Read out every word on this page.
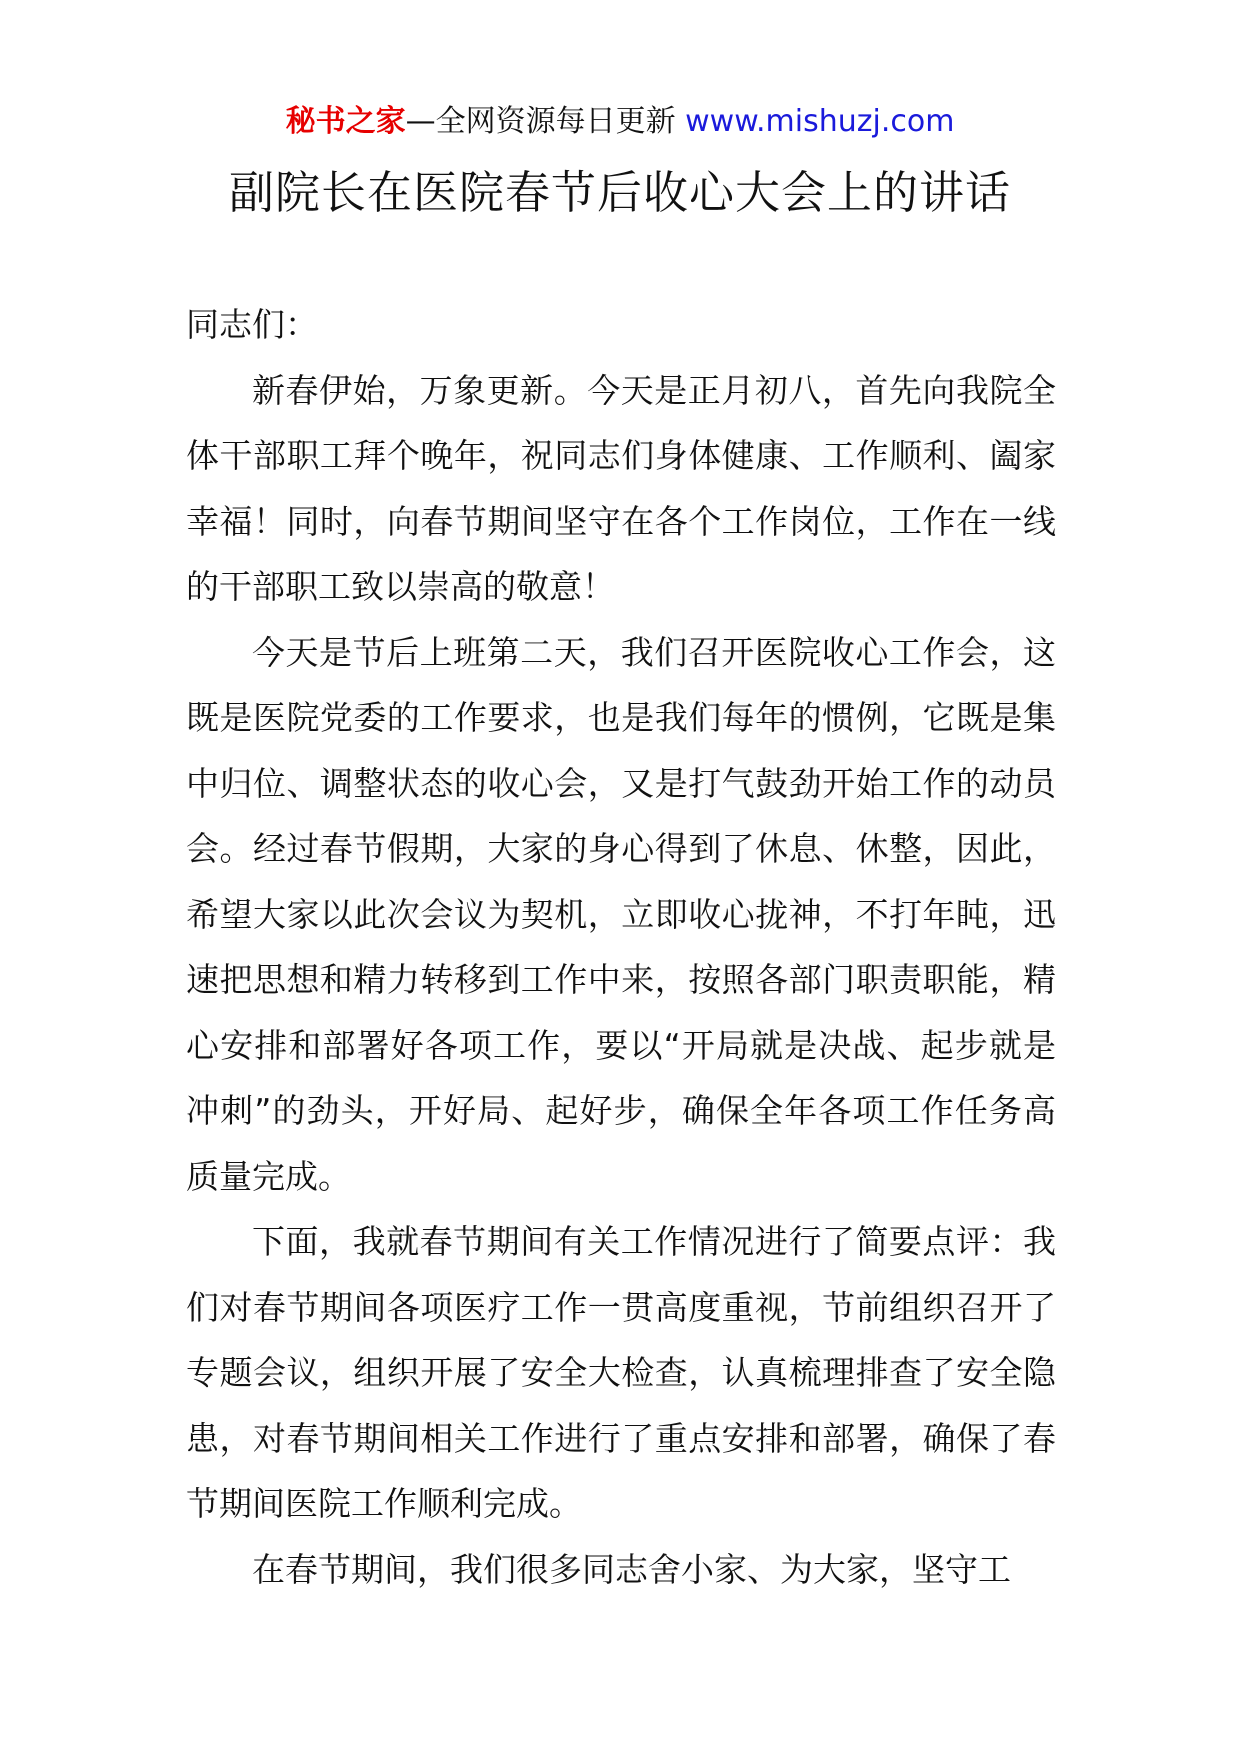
秘书之家—全网资源每日更新 www.mishuzj.com
副院长在医院春节后收心大会上的讲话

同志们：

新春伊始，万象更新。今天是正月初八，首先向我院全体干部职工拜个晚年，祝同志们身体健康、工作顺利、阖家幸福！同时，向春节期间坚守在各个工作岗位，工作在一线的干部职工致以崇高的敬意！

今天是节后上班第二天，我们召开医院收心工作会，这既是医院党委的工作要求，也是我们每年的惯例，它既是集中归位、调整状态的收心会，又是打气鼓劲开始工作的动员会。经过春节假期，大家的身心得到了休息、休整，因此，希望大家以此次会议为契机，立即收心拢神，不打年盹，迅速把思想和精力转移到工作中来，按照各部门职责职能，精心安排和部署好各项工作，要以“开局就是决战、起步就是冲刺”的劲头，开好局、起好步，确保全年各项工作任务高质量完成。

下面，我就春节期间有关工作情况进行了简要点评：我们对春节期间各项医疗工作一贯高度重视，节前组织召开了专题会议，组织开展了安全大检查，认真梳理排查了安全隐患，对春节期间相关工作进行了重点安排和部署，确保了春节期间医院工作顺利完成。

在春节期间，我们很多同志舍小家、为大家，坚守工
